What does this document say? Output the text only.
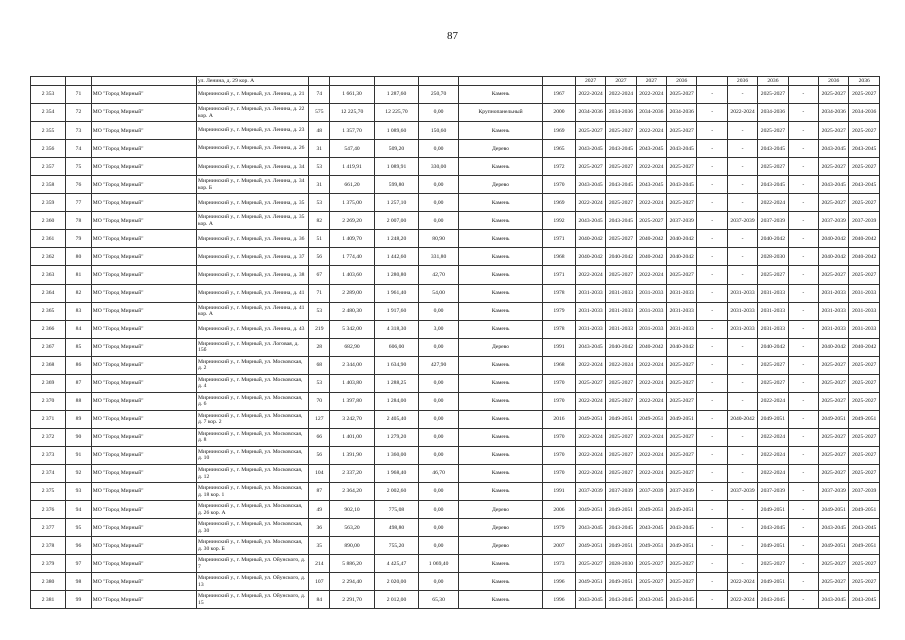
87
			ул. Ленина, д. 29 кор. А							2027	2027	2027	2036		2036	2036		2036	2036
2 353	71	МО "Город Мирный"	Мирнинский у., г. Мирный, ул. Ленина, д. 21	74	1 661,30	1 287,60	250,70	Камень	1967	2022-2024	2022-2024	2022-2024	2025-2027	-	-	2025-2027	-	2025-2027	2025-2027
2 354	72	МО "Город Мирный"	Мирнинский у., г. Мирный, ул. Ленина, д. 22 кор. А	575	12 225,70	12 225,70	0,00	Крупнопанельный	2000	2034-2036	2034-2036	2034-2036	2034-2036	-	2022-2024	2034-2036	-	2034-2036	2034-2036
2 355	73	МО "Город Мирный"	Мирнинский у., г. Мирный, ул. Ленина, д. 23	48	1 357,70	1 089,60	150,60	Камень	1969	2025-2027	2025-2027	2022-2024	2025-2027	-	-	2025-2027	-	2025-2027	2025-2027
2 356	74	МО "Город Мирный"	Мирнинский у., г. Мирный, ул. Ленина, д. 26	31	547,40	509,20	0,00	Дерево	1965	2043-2045	2043-2045	2043-2045	2043-2045	-	-	2043-2045	-	2043-2045	2043-2045
2 357	75	МО "Город Мирный"	Мирнинский у., г. Мирный, ул. Ленина, д. 34	53	1 419,91	1 089,91	330,00	Камень	1972	2025-2027	2025-2027	2022-2024	2025-2027	-	-	2025-2027	-	2025-2027	2025-2027
2 358	76	МО "Город Мирный"	Мирнинский у., г. Мирный, ул. Ленина, д. 34 кор. Б	31	661,20	599,80	0,00	Дерево	1970	2043-2045	2043-2045	2043-2045	2043-2045	-	-	2043-2045	-	2043-2045	2043-2045
2 359	77	МО "Город Мирный"	Мирнинский у., г. Мирный, ул. Ленина, д. 35	53	1 375,00	1 257,10	0,00	Камень	1969	2022-2024	2025-2027	2022-2024	2025-2027	-	-	2022-2024	-	2025-2027	2025-2027
2 360	78	МО "Город Мирный"	Мирнинский у., г. Мирный, ул. Ленина, д. 35 кор. А	82	2 269,20	2 007,00	0,00	Камень	1992	2043-2045	2043-2045	2025-2027	2037-2039	-	2037-2039	2037-2039	-	2037-2039	2037-2039
2 361	79	МО "Город Мирный"	Мирнинский у., г. Мирный, ул. Ленина, д. 36	51	1 409,70	1 248,20	80,90	Камень	1971	2040-2042	2025-2027	2040-2042	2040-2042	-	-	2040-2042	-	2040-2042	2040-2042
2 362	80	МО "Город Мирный"	Мирнинский у., г. Мирный, ул. Ленина, д. 37	56	1 774,40	1 442,60	331,80	Камень	1968	2040-2042	2040-2042	2040-2042	2040-2042	-	-	2028-2030	-	2040-2042	2040-2042
2 363	81	МО "Город Мирный"	Мирнинский у., г. Мирный, ул. Ленина, д. 38	67	1 403,60	1 280,80	42,70	Камень	1971	2022-2024	2025-2027	2022-2024	2025-2027	-	-	2025-2027	-	2025-2027	2025-2027
2 364	82	МО "Город Мирный"	Мирнинский у., г. Мирный, ул. Ленина, д. 41	71	2 289,00	1 961,40	54,00	Камень	1978	2031-2033	2031-2033	2031-2033	2031-2033	-	2031-2033	2031-2033	-	2031-2033	2031-2033
2 365	83	МО "Город Мирный"	Мирнинский у., г. Мирный, ул. Ленина, д. 41 кор. А	53	2 480,30	1 917,60	0,00	Камень	1979	2031-2033	2031-2033	2031-2033	2031-2033	-	2031-2033	2031-2033	-	2031-2033	2031-2033
2 366	84	МО "Город Мирный"	Мирнинский у., г. Мирный, ул. Ленина, д. 43	219	5 342,00	4 318,30	3,00	Камень	1978	2031-2033	2031-2033	2031-2033	2031-2033	-	2031-2033	2031-2033	-	2031-2033	2031-2033
2 367	85	МО "Город Мирный"	Мирнинский у., г. Мирный, ул. Логовая, д. 15б	28	682,90	606,00	0,00	Дерево	1991	2043-2045	2040-2042	2040-2042	2040-2042	-	-	2040-2042	-	2040-2042	2040-2042
2 368	86	МО "Город Мирный"	Мирнинский у., г. Мирный, ул. Московская, д. 2	68	2 344,00	1 634,90	427,90	Камень	1968	2022-2024	2022-2024	2022-2024	2025-2027	-	-	2025-2027	-	2025-2027	2025-2027
2 369	87	МО "Город Мирный"	Мирнинский у., г. Мирный, ул. Московская, д. 4	53	1 403,80	1 288,25	0,00	Камень	1970	2025-2027	2025-2027	2022-2024	2025-2027	-	-	2025-2027	-	2025-2027	2025-2027
2 370	88	МО "Город Мирный"	Мирнинский у., г. Мирный, ул. Московская, д. 6	70	1 397,80	1 284,00	0,00	Камень	1970	2022-2024	2025-2027	2022-2024	2025-2027	-	-	2022-2024	-	2025-2027	2025-2027
2 371	89	МО "Город Мирный"	Мирнинский у., г. Мирный, ул. Московская, д. 7 кор. 2	127	3 242,70	2 405,40	0,00	Камень	2016	2049-2051	2049-2051	2049-2051	2049-2051	-	2040-2042	2049-2051	-	2049-2051	2049-2051
2 372	90	МО "Город Мирный"	Мирнинский у., г. Мирный, ул. Московская, д. 8	66	1 401,00	1 279,20	0,00	Камень	1970	2022-2024	2025-2027	2022-2024	2025-2027	-	-	2022-2024	-	2025-2027	2025-2027
2 373	91	МО "Город Мирный"	Мирнинский у., г. Мирный, ул. Московская, д. 10	56	1 391,90	1 360,00	0,00	Камень	1970	2022-2024	2025-2027	2022-2024	2025-2027	-	-	2022-2024	-	2025-2027	2025-2027
2 374	92	МО "Город Мирный"	Мирнинский у., г. Мирный, ул. Московская, д. 12	104	2 337,20	1 968,40	46,70	Камень	1970	2022-2024	2025-2027	2022-2024	2025-2027	-	-	2022-2024	-	2025-2027	2025-2027
2 375	93	МО "Город Мирный"	Мирнинский у., г. Мирный, ул. Московская, д. 18 кор. 1	87	2 364,20	2 002,60	0,00	Камень	1991	2037-2039	2037-2039	2037-2039	2037-2039	-	2037-2039	2037-2039	-	2037-2039	2037-2039
2 376	94	МО "Город Мирный"	Мирнинский у., г. Мирный, ул. Московская, д. 26 кор. А	49	902,10	775,08	0,00	Дерево	2006	2049-2051	2049-2051	2049-2051	2049-2051	-	-	2049-2051	-	2049-2051	2049-2051
2 377	95	МО "Город Мирный"	Мирнинский у., г. Мирный, ул. Московская, д. 30	36	563,20	498,80	0,00	Дерево	1979	2043-2045	2043-2045	2043-2045	2043-2045	-	-	2043-2045	-	2043-2045	2043-2045
2 378	96	МО "Город Мирный"	Мирнинский у., г. Мирный, ул. Московская, д. 30 кор. Б	35	890,00	755,20	0,00	Дерево	2007	2049-2051	2049-2051	2049-2051	2049-2051	-	-	2049-2051	-	2049-2051	2049-2051
2 379	97	МО "Город Мирный"	Мирнинский у., г. Мирный, ул. Ойунского, д. 7	214	5 886,20	4 425,47	1 069,40	Камень	1973	2025-2027	2028-2030	2025-2027	2025-2027	-	-	2025-2027	-	2025-2027	2025-2027
2 380	98	МО "Город Мирный"	Мирнинский у., г. Мирный, ул. Ойунского, д. 13	107	2 294,40	2 020,00	0,00	Камень	1996	2049-2051	2049-2051	2025-2027	2025-2027	-	2022-2024	2049-2051	-	2025-2027	2025-2027
2 381	99	МО "Город Мирный"	Мирнинский у., г. Мирный, ул. Ойунского, д. 15	84	2 291,70	2 012,00	65,30	Камень	1996	2043-2045	2043-2045	2043-2045	2043-2045	-	2022-2024	2043-2045	-	2043-2045	2043-2045
